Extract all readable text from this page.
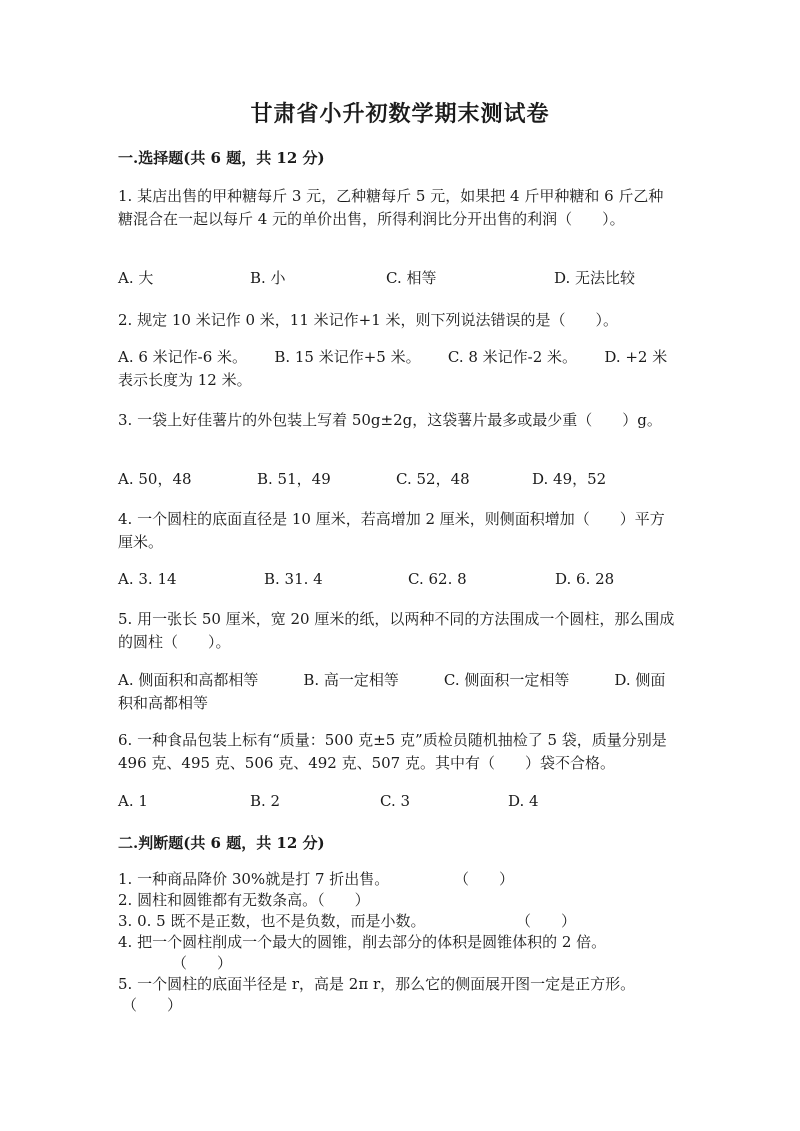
甘肃省小升初数学期末测试卷
一.选择题(共 6 题，共 12 分)
1. 某店出售的甲种糖每斤 3 元，乙种糖每斤 5 元，如果把 4 斤甲种糖和 6 斤乙种糖混合在一起以每斤 4 元的单价出售，所得利润比分开出售的利润（　　）。
A. 大	B. 小	C. 相等	D. 无法比较
2. 规定 10 米记作 0 米，11 米记作+1 米，则下列说法错误的是（　　）。
A. 6 米记作-6 米。　　 B. 15 米记作+5 米。　　 C. 8 米记作-2 米。　　 D. +2 米表示长度为 12 米。
3. 一袋上好佳薯片的外包装上写着 50g±2g，这袋薯片最多或最少重（　　）g。
A. 50，48	B. 51，49	C. 52，48	D. 49，52
4. 一个圆柱的底面直径是 10 厘米，若高增加 2 厘米，则侧面积增加（　　）平方厘米。
A. 3. 14	B. 31. 4	C. 62. 8	D. 6. 28
5. 用一张长 50 厘米，宽 20 厘米的纸，以两种不同的方法围成一个圆柱，那么围成的圆柱（　　）。
A. 侧面积和高都相等　　　B. 高一定相等　　　C. 侧面积一定相等　　　D. 侧面积和高都相等
6. 一种食品包装上标有“质量：500 克±5 克”质检员随机抽检了 5 袋，质量分别是 496 克、495 克、506 克、492 克、507 克。其中有（　　）袋不合格。
A. 1	B. 2	C. 3	D. 4
二.判断题(共 6 题，共 12 分)
1. 一种商品降价 30%就是打 7 折出售。	（　　）
2. 圆柱和圆锥都有无数条高。（　　）
3. 0. 5 既不是正数，也不是负数，而是小数。	（　　）
4. 把一个圆柱削成一个最大的圆锥，削去部分的体积是圆锥体积的 2 倍。
（　　）
5. 一个圆柱的底面半径是 r，高是 2π r，那么它的侧面展开图一定是正方形。
（　　）
